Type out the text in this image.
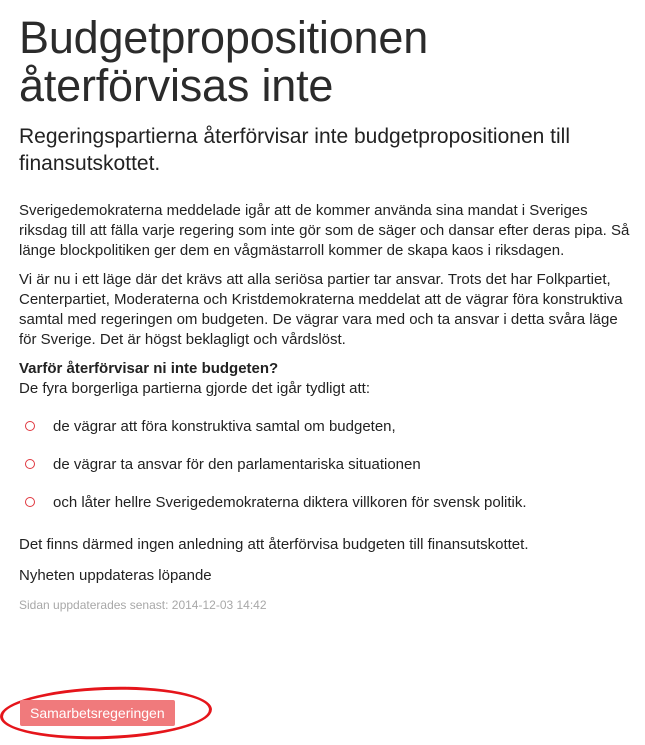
Budgetpropositionen
återförvisas inte

Regeringspartierna återförvisar inte budgetpropositionen till finansutskottet.

Sverigedemokraterna meddelade igår att de kommer använda sina mandat i Sveriges riksdag till att fälla varje regering som inte gör som de säger och dansar efter deras pipa. Så länge blockpolitiken ger dem en vågmästarroll kommer de skapa kaos i riksdagen.

Vi är nu i ett läge där det krävs att alla seriösa partier tar ansvar. Trots det har Folkpartiet, Centerpartiet, Moderaterna och Kristdemokraterna meddelat att de vägrar föra konstruktiva samtal med regeringen om budgeten. De vägrar vara med och ta ansvar i detta svåra läge för Sverige. Det är högst beklagligt och vårdslöst.

Varför återförvisar ni inte budgeten?
De fyra borgerliga partierna gjorde det igår tydligt att:
de vägrar att föra konstruktiva samtal om budgeten,
de vägrar ta ansvar för den parlamentariska situationen
och låter hellre Sverigedemokraterna diktera villkoren för svensk politik.

Det finns därmed ingen anledning att återförvisa budgeten till finansutskottet.

Nyheten uppdateras löpande

Sidan uppdaterades senast: 2014-12-03 14:42
Samarbetsregeringen
